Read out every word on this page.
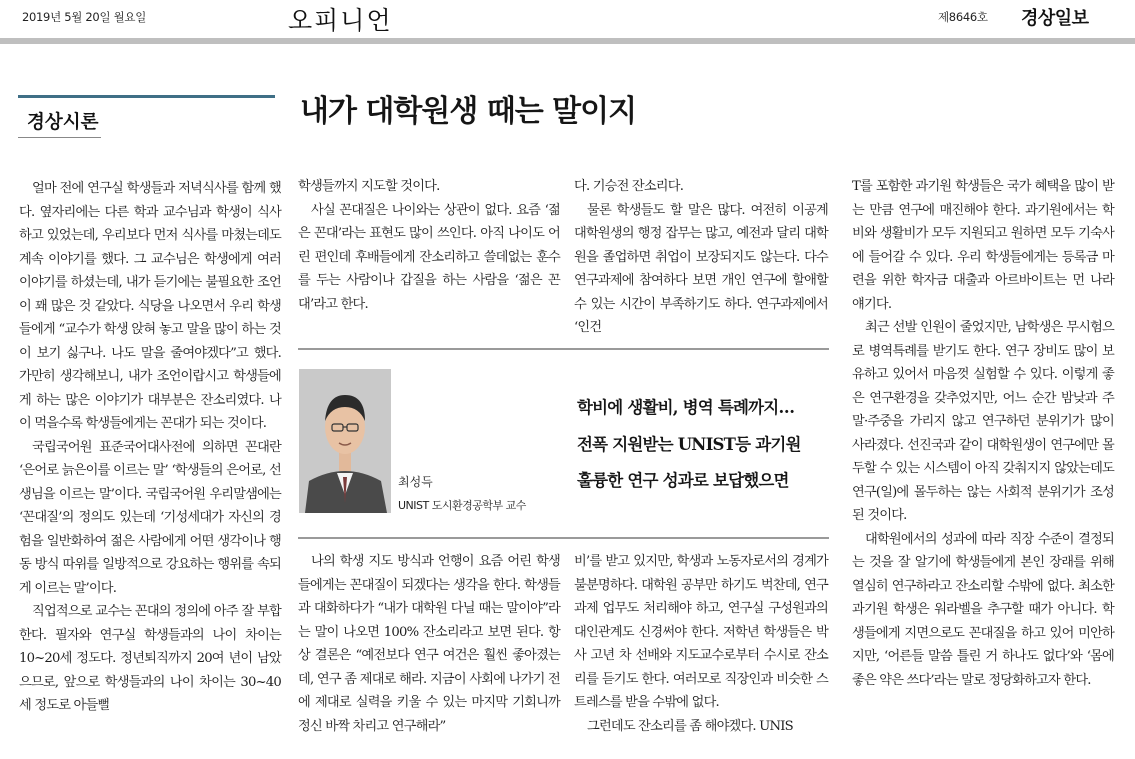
2019년 5월 20일 월요일	오피니언	제8646호 경상일보
경상시론	내가 대학원생 때는 말이지

얼마 전에 연구실 학생들과 저녁식사를 함께 했다. 옆자리에는 다른 학과 교수님과 학생이 식사하고 있었는데, 우리보다 먼저 식사를 마쳤는데도 계속 이야기를 했다. 그 교수님은 학생에게 여러 이야기를 하셨는데, 내가 듣기에는 불필요한 조언이 꽤 많은 것 같았다. 식당을 나오면서 우리 학생들에게 “교수가 학생 앉혀 놓고 말을 많이 하는 것이 보기 싫구나. 나도 말을 줄여야겠다”고 했다. 가만히 생각해보니, 내가 조언이랍시고 학생들에게 하는 많은 이야기가 대부분은 잔소리였다. 나이 먹을수록 학생들에게는 꼰대가 되는 것이다.

국립국어원 표준국어대사전에 의하면 꼰대란 ‘은어로 늙은이를 이르는 말’ ‘학생들의 은어로, 선생님을 이르는 말’이다. 국립국어원 우리말샘에는 ‘꼰대질’의 정의도 있는데 ‘기성세대가 자신의 경험을 일반화하여 젊은 사람에게 어떤 생각이나 행동 방식 따위를 일방적으로 강요하는 행위를 속되게 이르는 말’이다.

직업적으로 교수는 꼰대의 정의에 아주 잘 부합한다. 필자와 연구실 학생들과의 나이 차이는 10~20세 정도다. 정년퇴직까지 20여 년이 남았으므로, 앞으로 학생들과의 나이 차이는 30~40세 정도로 아들뻘

학생들까지 지도할 것이다.

사실 꼰대질은 나이와는 상관이 없다. 요즘 ‘젊은 꼰대’라는 표현도 많이 쓰인다. 아직 나이도 어린 편인데 후배들에게 잔소리하고 쓸데없는 훈수를 두는 사람이나 갑질을 하는 사람을 ‘젊은 꼰대’라고 한다.

다. 기승전 잔소리다.

물론 학생들도 할 말은 많다. 여전히 이공계 대학원생의 행정 잡무는 많고, 예전과 달리 대학원을 졸업하면 취업이 보장되지도 않는다. 다수 연구과제에 참여하다 보면 개인 연구에 할애할 수 있는 시간이 부족하기도 하다. 연구과제에서 ‘인건

T를 포함한 과기원 학생들은 국가 혜택을 많이 받는 만큼 연구에 매진해야 한다. 과기원에서는 학비와 생활비가 모두 지원되고 원하면 모두 기숙사에 들어갈 수 있다. 우리 학생들에게는 등록금 마련을 위한 학자금 대출과 아르바이트는 먼 나라 얘기다.

최근 선발 인원이 줄었지만, 남학생은 무시험으로 병역특례를 받기도 한다. 연구 장비도 많이 보유하고 있어서 마음껏 실험할 수 있다. 이렇게 좋은 연구환경을 갖추었지만, 어느 순간 밤낮과 주말·주중을 가리지 않고 연구하던 분위기가 많이 사라졌다. 선진국과 같이 대학원생이 연구에만 몰두할 수 있는 시스템이 아직 갖춰지지 않았는데도 연구(일)에 몰두하는 않는 사회적 분위기가 조성된 것이다.

대학원에서의 성과에 따라 직장 수준이 결정되는 것을 잘 알기에 학생들에게 본인 장래를 위해 열심히 연구하라고 잔소리할 수밖에 없다. 최소한 과기원 학생은 워라벨을 추구할 때가 아니다. 학생들에게 지면으로도 꼰대질을 하고 있어 미안하지만, ‘어른들 말씀 틀린 거 하나도 없다’와 ‘몸에 좋은 약은 쓰다’라는 말로 정당화하고자 한다.

최성득
UNIST 도시환경공학부 교수
학비에 생활비, 병역 특례까지…
전폭 지원받는 UNIST등 과기원
훌륭한 연구 성과로 보답했으면

나의 학생 지도 방식과 언행이 요즘 어린 학생들에게는 꼰대질이 되겠다는 생각을 한다. 학생들과 대화하다가 “내가 대학원 다닐 때는 말이야”라는 말이 나오면 100% 잔소리라고 보면 된다. 항상 결론은 “예전보다 연구 여건은 훨씬 좋아졌는데, 연구 좀 제대로 해라. 지금이 사회에 나가기 전에 제대로 실력을 키울 수 있는 마지막 기회니까 정신 바짝 차리고 연구해라”

비’를 받고 있지만, 학생과 노동자로서의 경계가 불분명하다. 대학원 공부만 하기도 벅찬데, 연구과제 업무도 처리해야 하고, 연구실 구성원과의 대인관계도 신경써야 한다. 저학년 학생들은 박사 고년 차 선배와 지도교수로부터 수시로 잔소리를 듣기도 한다. 여러모로 직장인과 비슷한 스트레스를 받을 수밖에 없다.

그런데도 잔소리를 좀 해야겠다. UNIS
